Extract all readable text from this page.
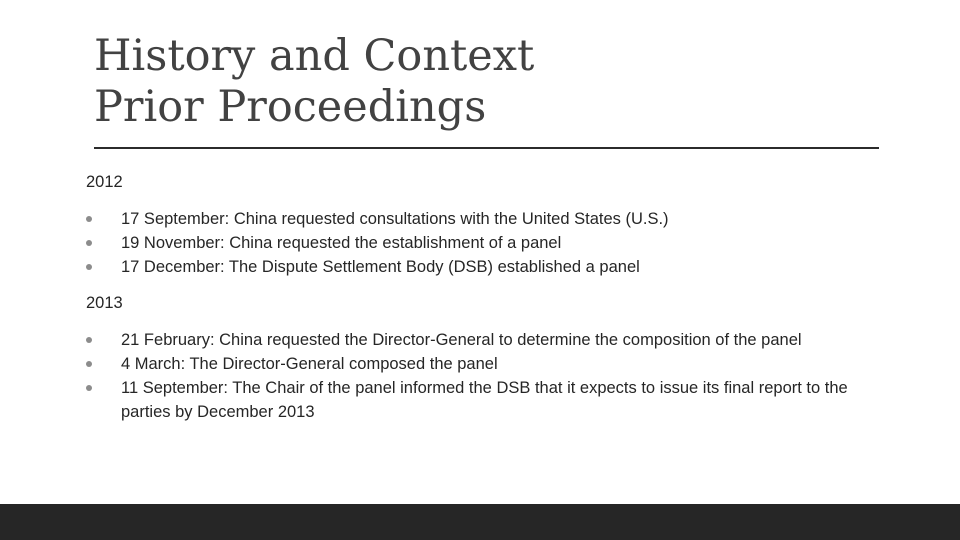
History and Context
Prior Proceedings
2012
17 September: China requested consultations with the United States (U.S.)
19 November: China requested the establishment of a panel
17 December: The Dispute Settlement Body (DSB) established a panel
2013
21 February: China requested the Director-General to determine the composition of the panel
4 March: The Director-General composed the panel
11 September: The Chair of the panel informed the DSB that it expects to issue its final report to the parties by December 2013
